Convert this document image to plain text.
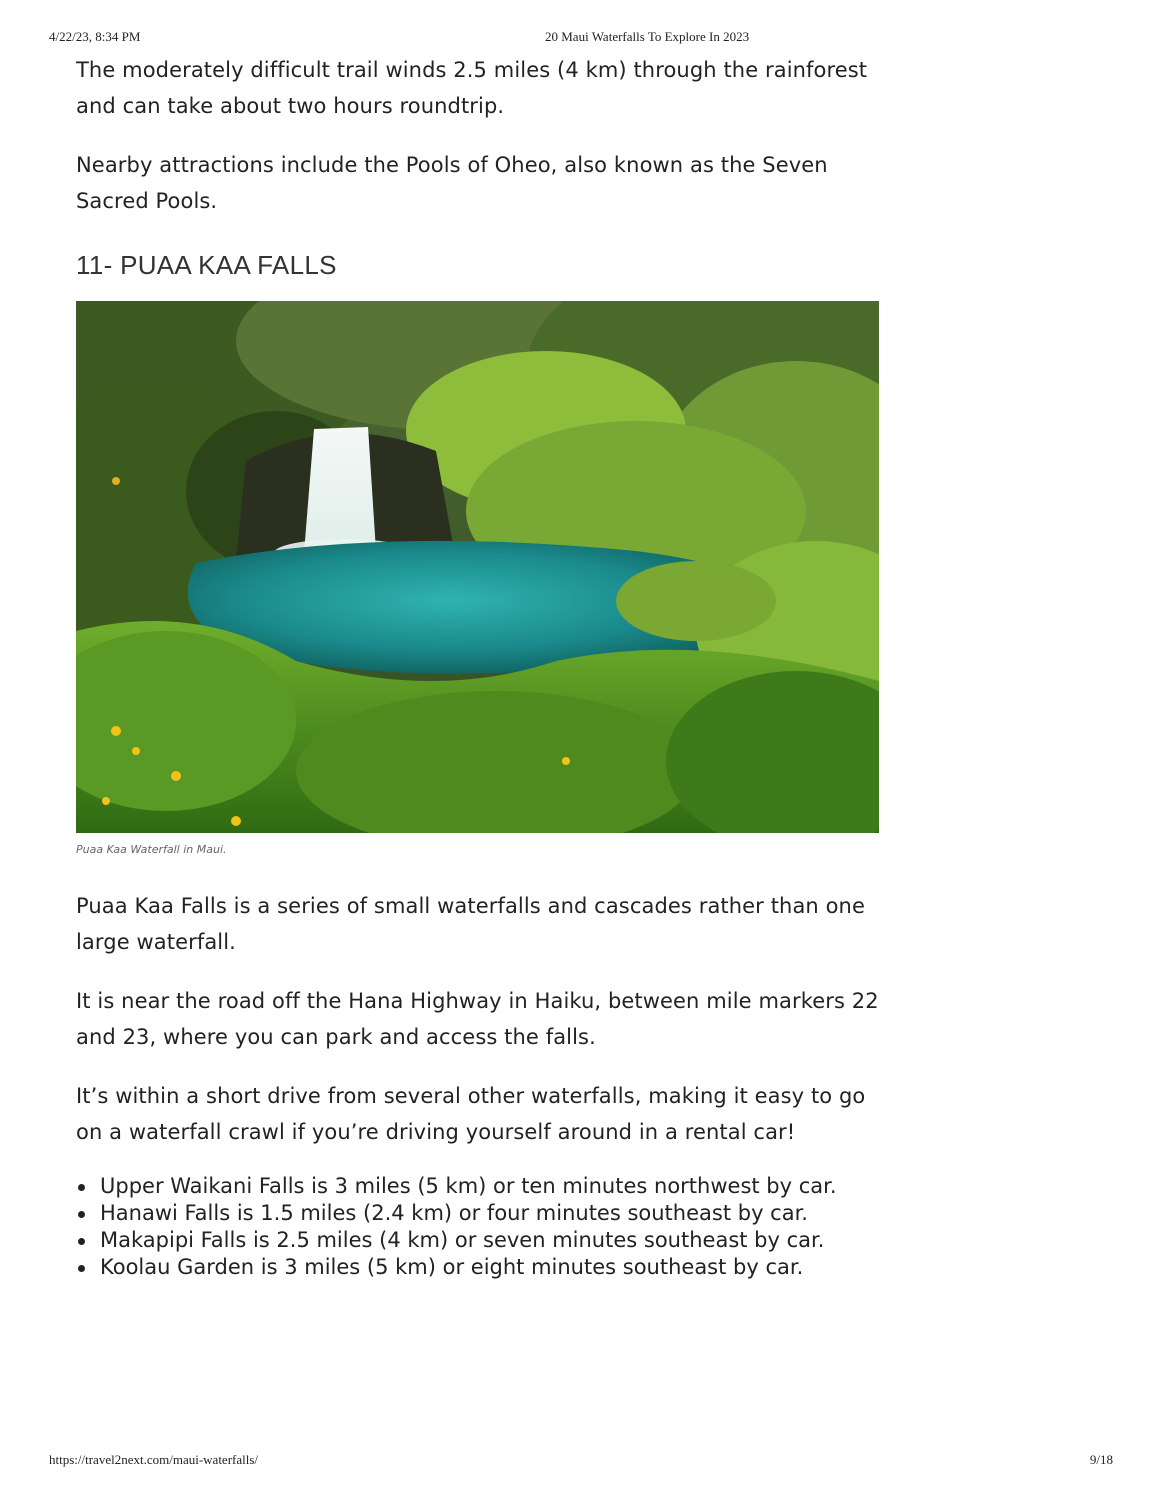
4/22/23, 8:34 PM	20 Maui Waterfalls To Explore In 2023

The moderately difficult trail winds 2.5 miles (4 km) through the rainforest and can take about two hours roundtrip.

Nearby attractions include the Pools of Oheo, also known as the Seven Sacred Pools.

11- PUAA KAA FALLS

Puaa Kaa Waterfall in Maui.

Puaa Kaa Falls is a series of small waterfalls and cascades rather than one large waterfall.

It is near the road off the Hana Highway in Haiku, between mile markers 22 and 23, where you can park and access the falls.

It’s within a short drive from several other waterfalls, making it easy to go on a waterfall crawl if you’re driving yourself around in a rental car!

Upper Waikani Falls is 3 miles (5 km) or ten minutes northwest by car.
Hanawi Falls is 1.5 miles (2.4 km) or four minutes southeast by car.
Makapipi Falls is 2.5 miles (4 km) or seven minutes southeast by car.
Koolau Garden is 3 miles (5 km) or eight minutes southeast by car.
https://travel2next.com/maui-waterfalls/	9/18
